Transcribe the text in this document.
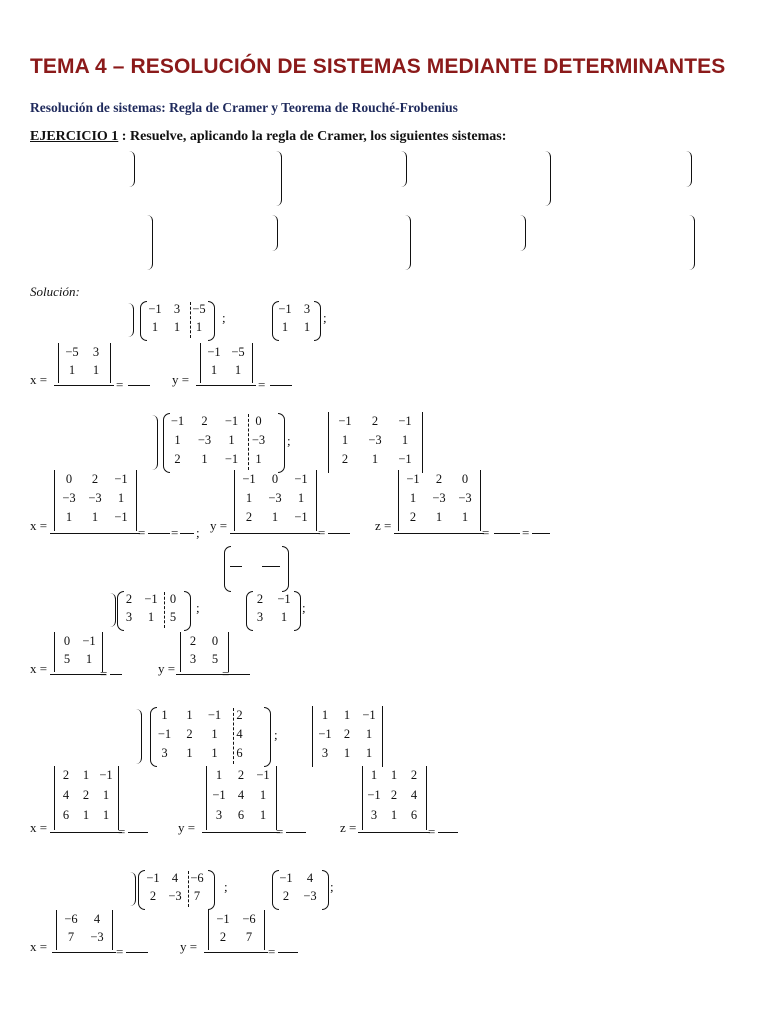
TEMA 4 – RESOLUCIÓN DE SISTEMAS MEDIANTE DETERMINANTES
Resolución de sistemas: Regla de Cramer y Teorema de Rouché-Frobenius
EJERCICIO 1 : Resuelve, aplicando la regla de Cramer, los siguientes sistemas:
Solución:
−1 3 −5
1	1	1
;
−1 3
1	1
;
x =
−5	3
1	1
=	y =
−1 −5
1	1
=
−1	2	−1	0
1	−3	1	−3
2	1	−1	1
;
−1	2	−1
1	−3	1
2	1	−1
x =
0	2	−1
−3	−3	1
1	1	−1
= = ; y =
−1	0	−1
1	−3	1
2	1	−1
=	z =
−1	2	0
1	−3	−3
2	1	1
=	=
2 −1 0
3	1	5
;
2	−1
3	1
;
x =
0 −1
5	1
=	y =
2	0
3	5
=
1	1	−1	2
−1	2	1	4
3	1	1	6
;
1	1 −1
−1 2	1
3	1	1
x =
2	1 −1
4	2	1
6	1	1
=	y =
1	2 −1
−1 4	1
3	6	1
=	z =
1	1	2
−1 2	4
3	1	6
=
−1 4 −6
2 −3 7
;
−1	4
2	−3
;
x =
−6	4
7	−3
=	y =
−1	−6
2	7
=
